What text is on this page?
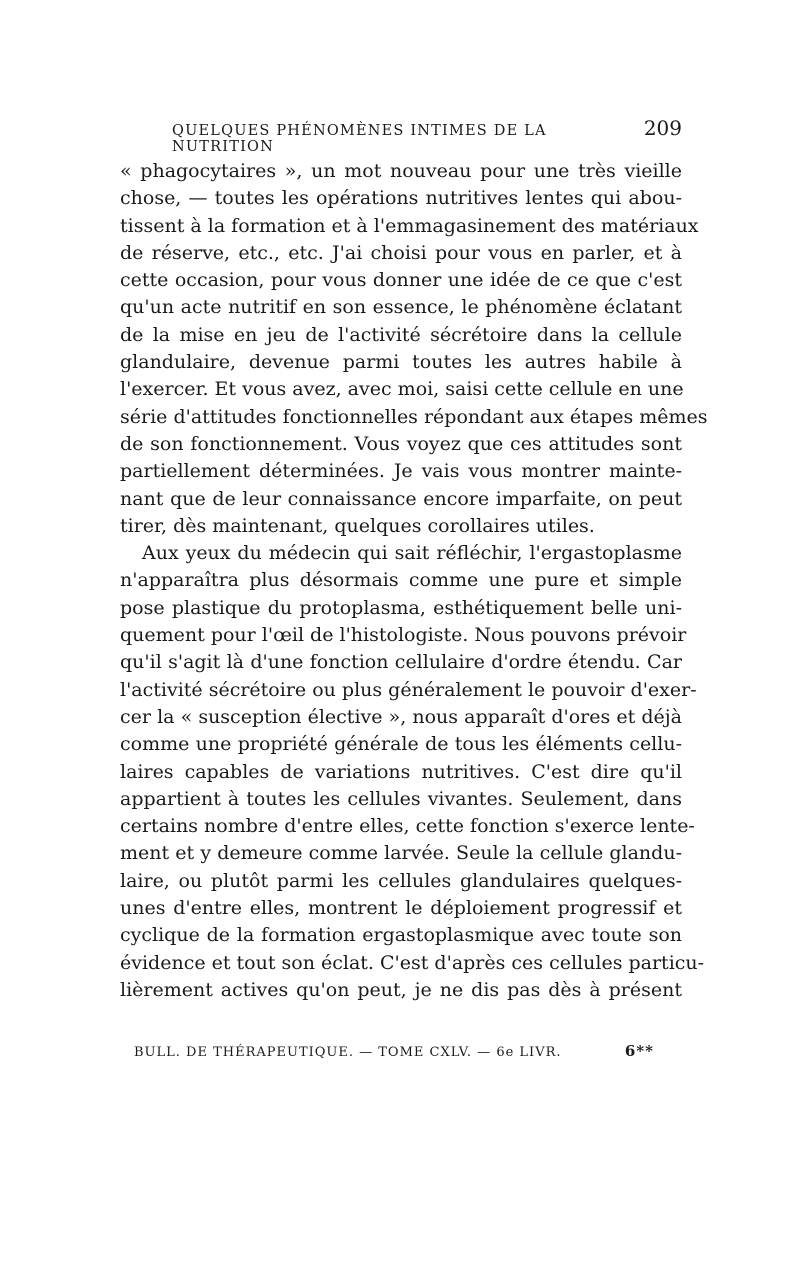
QUELQUES PHÉNOMÈNES INTIMES DE LA NUTRITION
209
« phagocytaires », un mot nouveau pour une très vieille
chose, — toutes les opérations nutritives lentes qui abou-
tissent à la formation et à l'emmagasinement des matériaux
de réserve, etc., etc. J'ai choisi pour vous en parler, et à
cette occasion, pour vous donner une idée de ce que c'est
qu'un acte nutritif en son essence, le phénomène éclatant
de la mise en jeu de l'activité sécrétoire dans la cellule
glandulaire, devenue parmi toutes les autres habile à
l'exercer. Et vous avez, avec moi, saisi cette cellule en une
série d'attitudes fonctionnelles répondant aux étapes mêmes
de son fonctionnement. Vous voyez que ces attitudes sont
partiellement déterminées. Je vais vous montrer mainte-
nant que de leur connaissance encore imparfaite, on peut
tirer, dès maintenant, quelques corollaires utiles.
Aux yeux du médecin qui sait réfléchir, l'ergastoplasme
n'apparaîtra plus désormais comme une pure et simple
pose plastique du protoplasma, esthétiquement belle uni-
quement pour l'œil de l'histologiste. Nous pouvons prévoir
qu'il s'agit là d'une fonction cellulaire d'ordre étendu. Car
l'activité sécrétoire ou plus généralement le pouvoir d'exer-
cer la « susception élective », nous apparaît d'ores et déjà
comme une propriété générale de tous les éléments cellu-
laires capables de variations nutritives. C'est dire qu'il
appartient à toutes les cellules vivantes. Seulement, dans
certains nombre d'entre elles, cette fonction s'exerce lente-
ment et y demeure comme larvée. Seule la cellule glandu-
laire, ou plutôt parmi les cellules glandulaires quelques-
unes d'entre elles, montrent le déploiement progressif et
cyclique de la formation ergastoplasmique avec toute son
évidence et tout son éclat. C'est d'après ces cellules particu-
lièrement actives qu'on peut, je ne dis pas dès à présent
BULL. DE THÉRAPEUTIQUE. — TOME CXLV. — 6e LIVR.	6**
